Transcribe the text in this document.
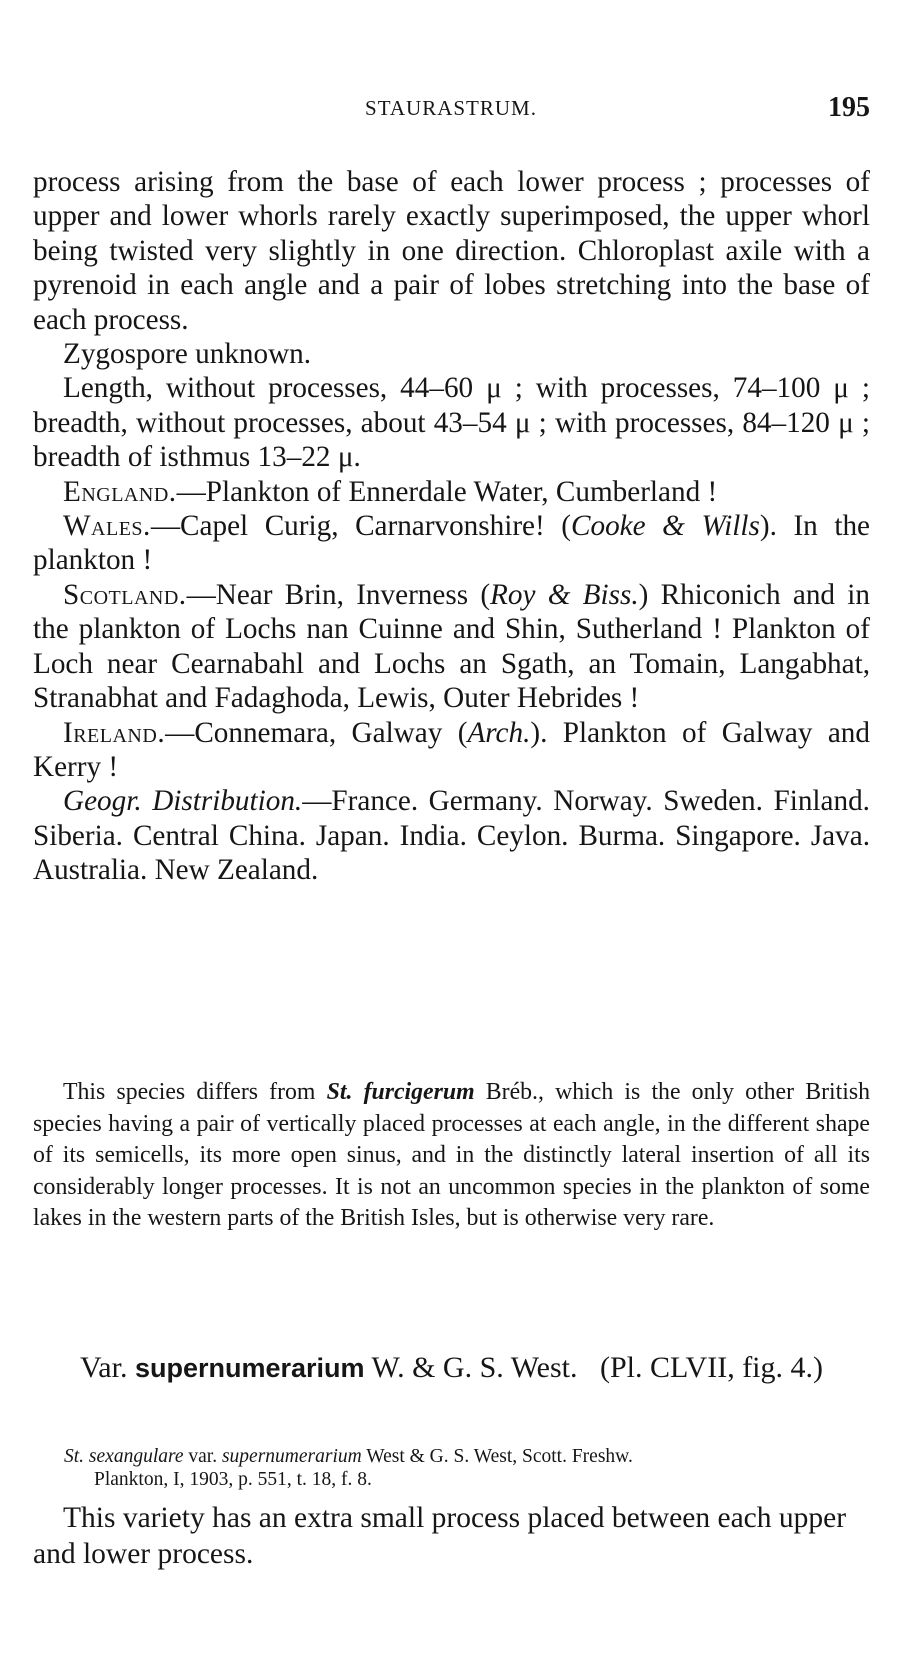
STAURASTRUM.	195

process arising from the base of each lower process ; processes of upper and lower whorls rarely exactly superimposed, the upper whorl being twisted very slightly in one direction. Chloroplast axile with a pyrenoid in each angle and a pair of lobes stretching into the base of each process.

Zygospore unknown.

Length, without processes, 44–60 μ ; with processes, 74–100 μ ; breadth, without processes, about 43–54 μ ; with processes, 84–120 μ ; breadth of isthmus 13–22 μ.

England.—Plankton of Ennerdale Water, Cumberland !

Wales.—Capel Curig, Carnarvonshire! (Cooke & Wills). In the plankton !

Scotland.—Near Brin, Inverness (Roy & Biss.) Rhiconich and in the plankton of Lochs nan Cuinne and Shin, Sutherland ! Plankton of Loch near Cearnabahl and Lochs an Sgath, an Tomain, Langabhat, Stranabhat and Fadaghoda, Lewis, Outer Hebrides !

Ireland.—Connemara, Galway (Arch.). Plankton of Galway and Kerry !

Geogr. Distribution.—France. Germany. Norway. Sweden. Finland. Siberia. Central China. Japan. India. Ceylon. Burma. Singapore. Java. Australia. New Zealand.

This species differs from St. furcigerum Bréb., which is the only other British species having a pair of vertically placed processes at each angle, in the different shape of its semicells, its more open sinus, and in the distinctly lateral insertion of all its considerably longer processes. It is not an uncommon species in the plankton of some lakes in the western parts of the British Isles, but is otherwise very rare.

Var. supernumerarium W. & G. S. West. (Pl. CLVII, fig. 4.)

St. sexangulare var. supernumerarium West & G. S. West, Scott. Freshw.
Plankton, I, 1903, p. 551, t. 18, f. 8.

This variety has an extra small process placed between each upper and lower process.
